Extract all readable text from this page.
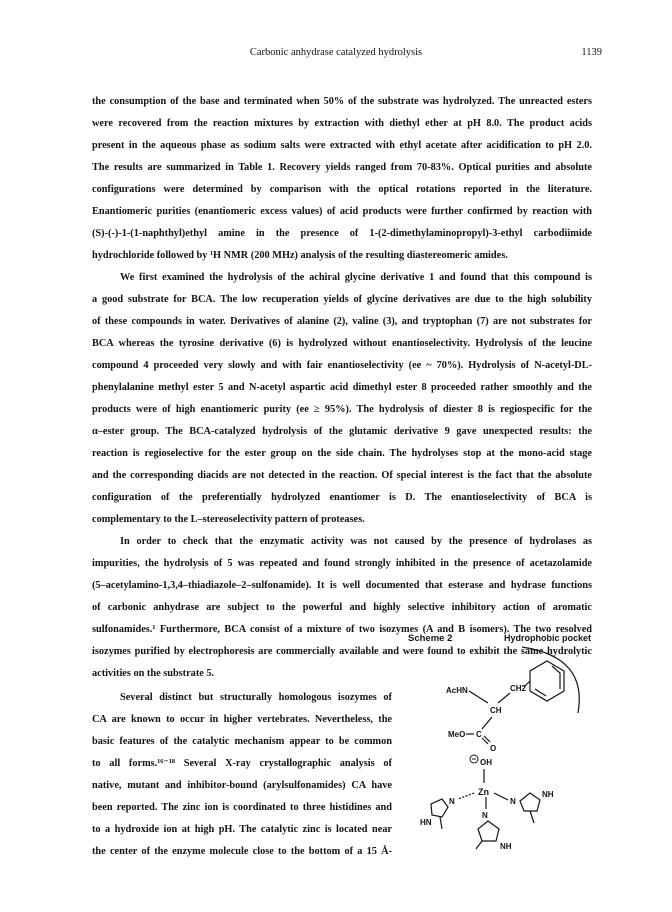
Carbonic anhydrase catalyzed hydrolysis	1139
the consumption of the base and terminated when 50% of the substrate was hydrolyzed. The unreacted esters
were recovered from the reaction mixtures by extraction with diethyl ether at pH 8.0. The product acids
present in the aqueous phase as sodium salts were extracted with ethyl acetate after acidification to pH 2.0.
The results are summarized in Table 1. Recovery yields ranged from 70-83%. Optical purities and absolute
configurations were determined by comparison with the optical rotations reported in the literature.
Enantiomeric purities (enantiomeric excess values) of acid products were further confirmed by reaction with
(S)-(-)-1-(1-naphthyl)ethyl amine in the presence of 1-(2-dimethylaminopropyl)-3-ethyl carbodiimide
hydrochloride followed by ¹H NMR (200 MHz) analysis of the resulting diastereomeric amides.
We first examined the hydrolysis of the achiral glycine derivative 1 and found that this compound is
a good substrate for BCA. The low recuperation yields of glycine derivatives are due to the high solubility
of these compounds in water. Derivatives of alanine (2), valine (3), and tryptophan (7) are not substrates for
BCA whereas the tyrosine derivative (6) is hydrolyzed without enantioselectivity. Hydrolysis of the leucine
compound 4 proceeded very slowly and with fair enantioselectivity (ee ~ 70%). Hydrolysis of N-acetyl-DL-
phenylalanine methyl ester 5 and N-acetyl aspartic acid dimethyl ester 8 proceeded rather smoothly and the
products were of high enantiomeric purity (ee ≥ 95%). The hydrolysis of diester 8 is regiospecific for the
α–ester group. The BCA-catalyzed hydrolysis of the glutamic derivative 9 gave unexpected results: the
reaction is regioselective for the ester group on the side chain. The hydrolyses stop at the mono-acid stage
and the corresponding diacids are not detected in the reaction. Of special interest is the fact that the absolute
configuration of the preferentially hydrolyzed enantiomer is D. The enantioselectivity of BCA is
complementary to the L–stereoselectivity pattern of proteases.
In order to check that the enzymatic activity was not caused by the presence of hydrolases as
impurities, the hydrolysis of 5 was repeated and found strongly inhibited in the presence of acetazolamide
(5–acetylamino-1,3,4–thiadiazole–2–sulfonamide). It is well documented that esterase and hydrase functions
of carbonic anhydrase are subject to the powerful and highly selective inhibitory action of aromatic
sulfonamides.¹ Furthermore, BCA consist of a mixture of two isozymes (A and B isomers). The two resolved
isozymes purified by electrophoresis are commercially available and were found to exhibit the same hydrolytic
activities on the substrate 5.
Several distinct but structurally homologous isozymes of
CA are known to occur in higher vertebrates. Nevertheless, the
basic features of the catalytic mechanism appear to be common
to all forms.¹⁶⁻¹⁸ Several X-ray crystallographic analysis of
native, mutant and inhibitor-bound (arylsulfonamides) CA have
been reported. The zinc ion is coordinated to three histidines and
to a hydroxide ion at high pH. The catalytic zinc is located near
the center of the enzyme molecule close to the bottom of a 15 Å-
Scheme 2	Hydrophobic pocket
AcHN	CH2
CH
MeO C
O
OH
Zn
N
HN
N
NH
N
NH
